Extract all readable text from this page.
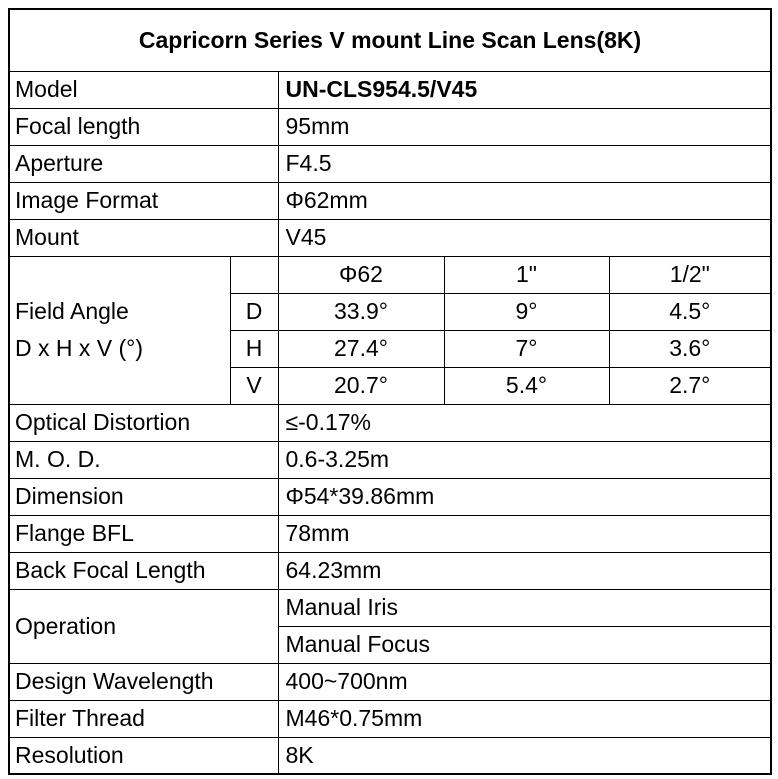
Capricorn Series V mount Line Scan Lens(8K)				
Model		UN-CLS954.5/V45		
Focal length		95mm		
Aperture		F4.5		
Image Format		Φ62mm		
Mount		V45		
Field Angle
D x H x V (°)		Φ62	1"	1/2"
	D	33.9°	9°	4.5°
	H	27.4°	7°	3.6°
	V	20.7°	5.4°	2.7°
Optical Distortion		≤-0.17%		
M. O. D.		0.6-3.25m		
Dimension		Φ54*39.86mm		
Flange BFL		78mm		
Back Focal Length		64.23mm		
Operation		Manual Iris		
		Manual Focus		
Design Wavelength		400~700nm		
Filter Thread		M46*0.75mm		
Resolution		8K		
